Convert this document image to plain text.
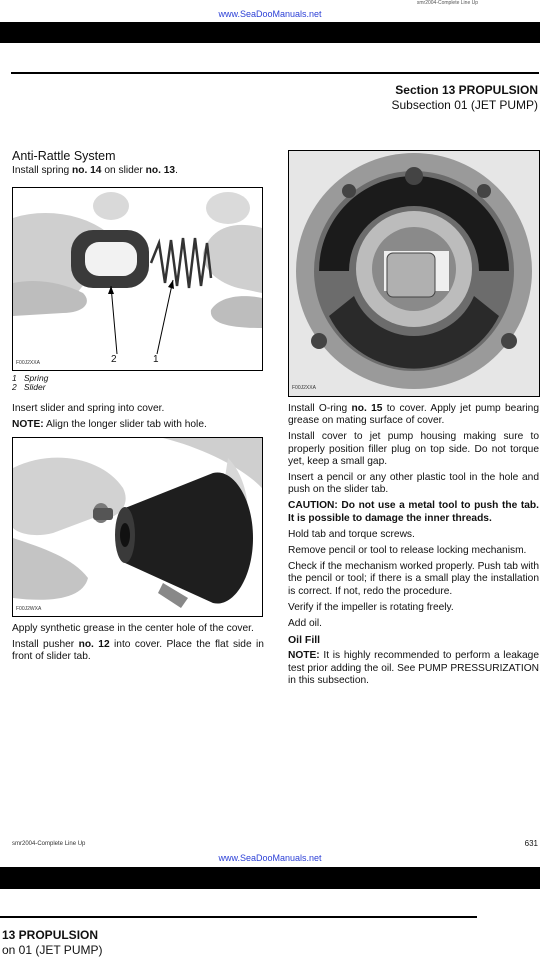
www.SeaDooManuals.net
smr2004-Complete Line Up
Section 13 PROPULSION
Subsection 01 (JET PUMP)
Anti-Rattle System

Install spring no. 14 on slider no. 13.

2	1
F00J2XXA
1 Spring
2 Slider

Insert slider and spring into cover.

NOTE: Align the longer slider tab with hole.

F00J2WXA

Apply synthetic grease in the center hole of the cover.

Install pusher no. 12 into cover. Place the flat side in front of slider tab.

F00J2XXA

Install O-ring no. 15 to cover. Apply jet pump bearing grease on mating surface of cover.

Install cover to jet pump housing making sure to properly position filler plug on top side. Do not torque yet, keep a small gap.

Insert a pencil or any other plastic tool in the hole and push on the slider tab.

CAUTION: Do not use a metal tool to push the tab. It is possible to damage the inner threads.

Hold tab and torque screws.

Remove pencil or tool to release locking mechanism.

Check if the mechanism worked properly. Push tab with the pencil or tool; if there is a small play the installation is correct. If not, redo the procedure.

Verify if the impeller is rotating freely.

Add oil.

Oil Fill

NOTE: It is highly recommended to perform a leakage test prior adding the oil. See PUMP PRESSURIZATION in this subsection.

smr2004-Complete Line Up	631
www.SeaDooManuals.net
13 PROPULSION
on 01 (JET PUMP)
